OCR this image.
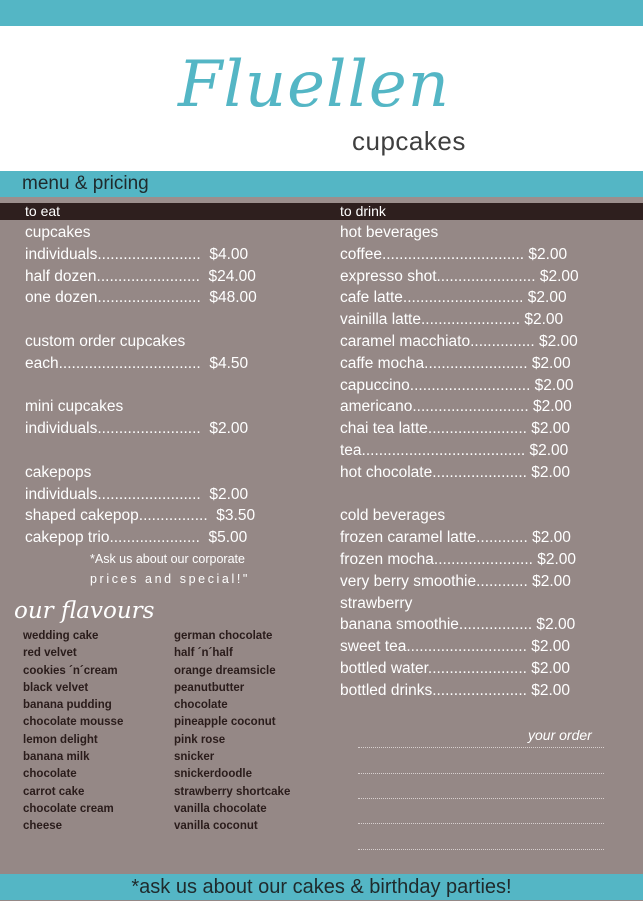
Fluellen
cupcakes
menu & pricing
to eat	to drink
cupcakes
individuals........................  $4.00
half dozen........................  $24.00
one dozen........................  $48.00
custom order cupcakes
each.................................  $4.50
mini cupcakes
individuals........................  $2.00
cakepops
individuals........................  $2.00
shaped cakepop................  $3.50
cakepop trio.....................  $5.00
*Ask us about our corporate
prices and special!"
hot beverages
coffee................................. $2.00
expresso shot....................... $2.00
cafe latte............................ $2.00
vainilla latte....................... $2.00
caramel macchiato............... $2.00
caffe mocha........................ $2.00
capuccino............................ $2.00
americano........................... $2.00
chai tea latte....................... $2.00
tea...................................... $2.00
hot chocolate...................... $2.00
cold beverages
frozen caramel latte............ $2.00
frozen mocha....................... $2.00
very berry smoothie............ $2.00
strawberry
banana smoothie................. $2.00
sweet tea............................ $2.00
bottled water....................... $2.00
bottled drinks...................... $2.00
our flavours
wedding cake
red velvet
cookies ´n´cream
black velvet
banana pudding
chocolate mousse
lemon delight
banana milk
chocolate
carrot cake
chocolate cream
cheese
german chocolate
half ´n´half
orange dreamsicle
peanutbutter
chocolate
pineapple coconut
pink rose
snicker
snickerdoodle
strawberry shortcake
vanilla chocolate
vanilla coconut
your order
*ask us about our cakes & birthday parties!
